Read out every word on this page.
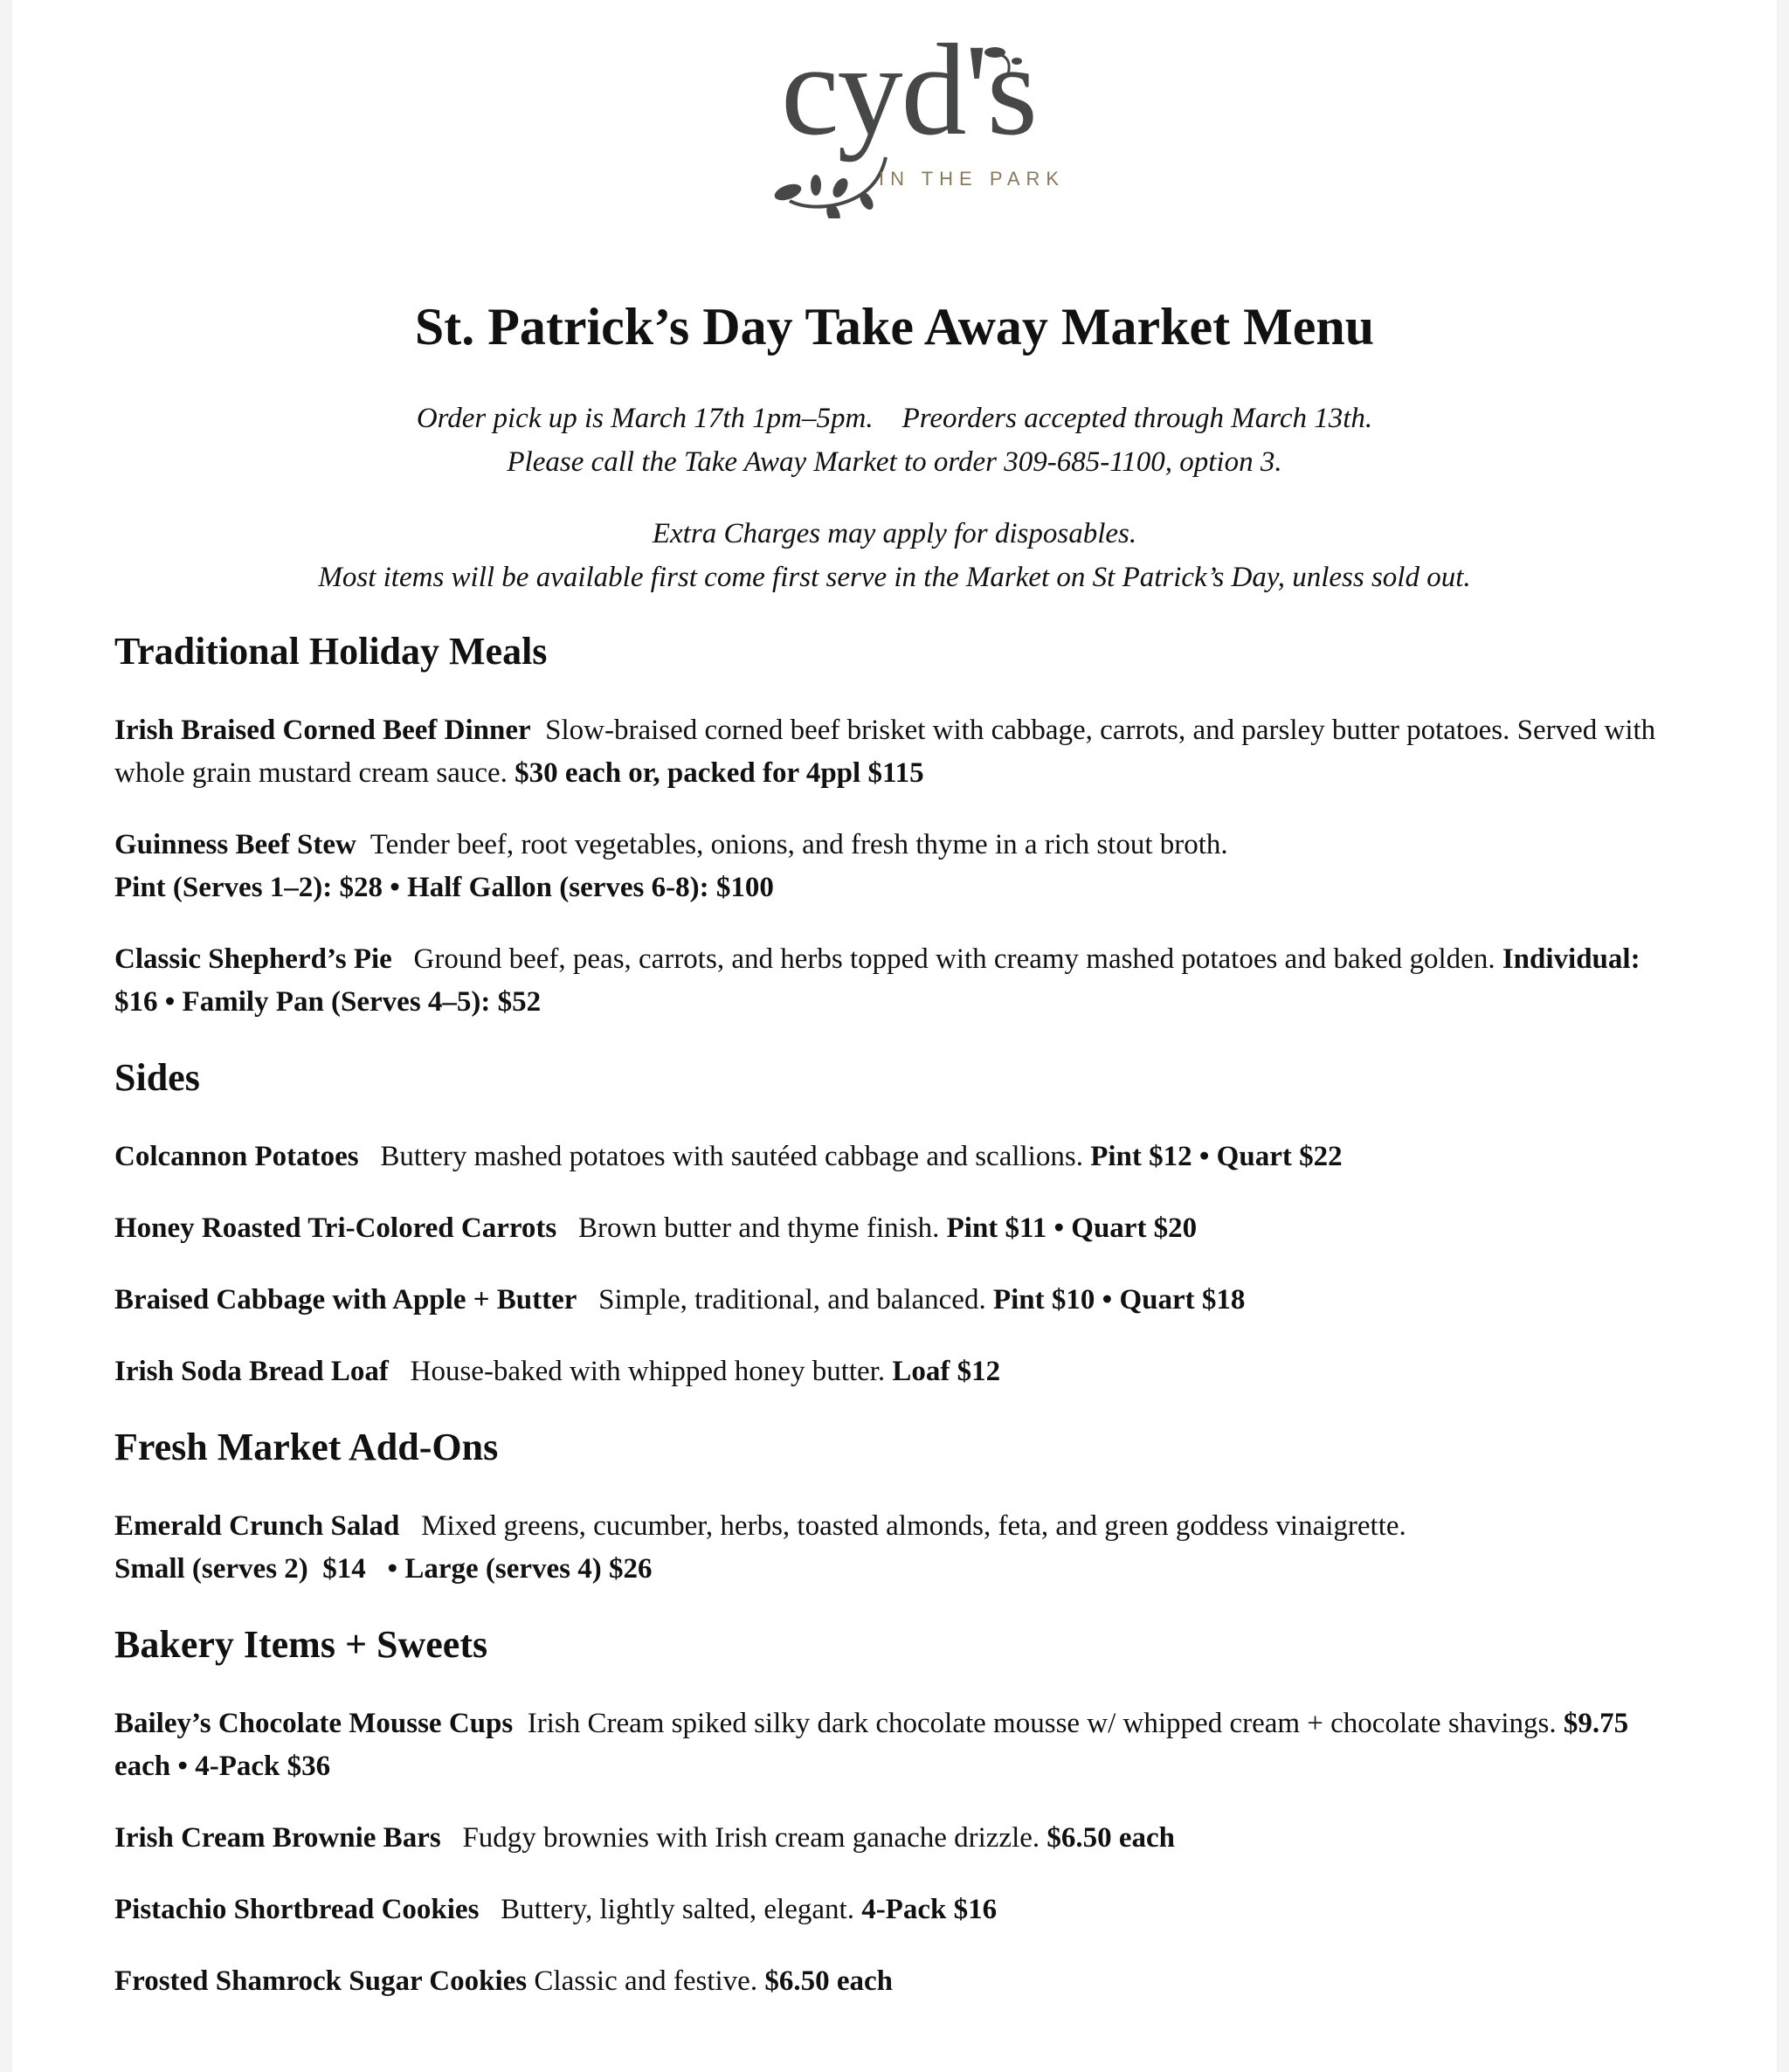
cyd's
IN THE PARK
St. Patrick’s Day Take Away Market Menu
Order pick up is March 17th 1pm–5pm.    Preorders accepted through March 13th.
Please call the Take Away Market to order 309-685-1100, option 3.
Extra Charges may apply for disposables.
Most items will be available first come first serve in the Market on St Patrick’s Day, unless sold out.
Traditional Holiday Meals
Irish Braised Corned Beef Dinner Slow-braised corned beef brisket with cabbage, carrots, and parsley butter potatoes. Served with whole grain mustard cream sauce. $30 each or, packed for 4ppl $115
Guinness Beef Stew Tender beef, root vegetables, onions, and fresh thyme in a rich stout broth.
Pint (Serves 1–2): $28 • Half Gallon (serves 6-8): $100
Classic Shepherd’s Pie Ground beef, peas, carrots, and herbs topped with creamy mashed potatoes and baked golden. Individual: $16 • Family Pan (Serves 4–5): $52
Sides
Colcannon Potatoes Buttery mashed potatoes with sautéed cabbage and scallions. Pint $12 • Quart $22
Honey Roasted Tri-Colored Carrots Brown butter and thyme finish. Pint $11 • Quart $20
Braised Cabbage with Apple + Butter Simple, traditional, and balanced. Pint $10 • Quart $18
Irish Soda Bread Loaf House-baked with whipped honey butter. Loaf $12
Fresh Market Add-Ons
Emerald Crunch Salad Mixed greens, cucumber, herbs, toasted almonds, feta, and green goddess vinaigrette.
Small (serves 2)  $14   • Large (serves 4) $26
Bakery Items + Sweets
Bailey’s Chocolate Mousse Cups Irish Cream spiked silky dark chocolate mousse w/ whipped cream + chocolate shavings. $9.75 each • 4-Pack $36
Irish Cream Brownie Bars Fudgy brownies with Irish cream ganache drizzle. $6.50 each
Pistachio Shortbread Cookies Buttery, lightly salted, elegant. 4-Pack $16
Frosted Shamrock Sugar Cookies Classic and festive. $6.50 each
